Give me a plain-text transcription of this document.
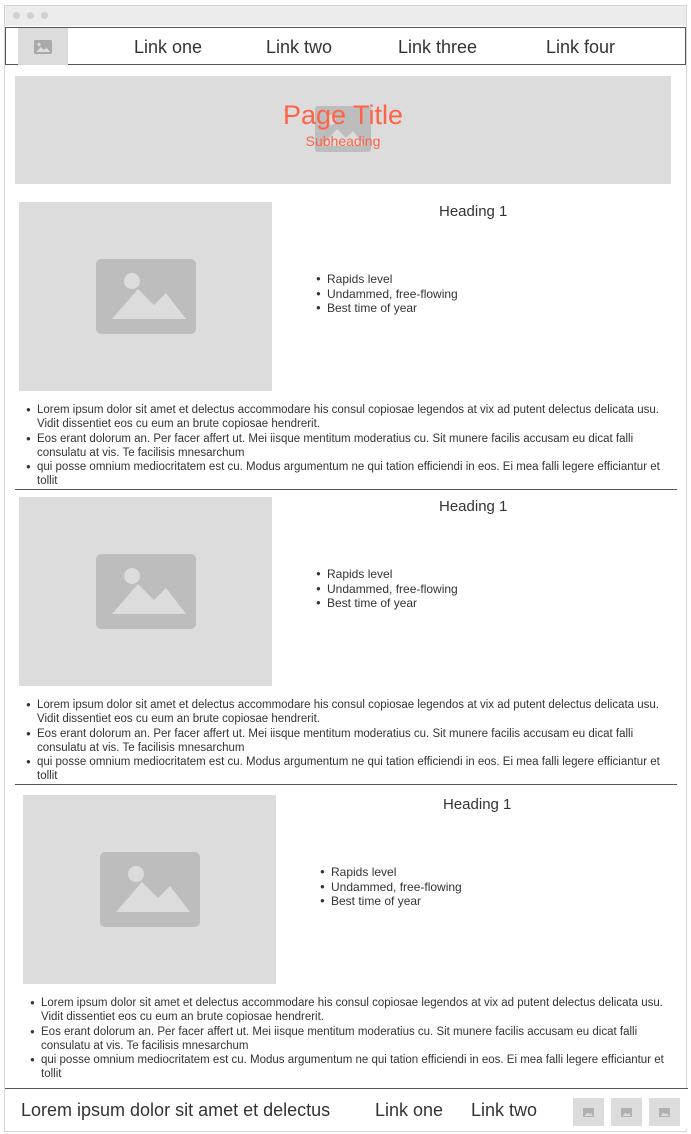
Link one	Link two	Link three	Link four
Page Title
Subheading
Heading 1
● Rapids level
● Undammed, free-flowing
● Best time of year
● Lorem ipsum dolor sit amet et delectus accommodare his consul copiosae legendos at vix ad putent delectus delicata usu. Vidit dissentiet eos cu eum an brute copiosae hendrerit.
● Eos erant dolorum an. Per facer affert ut. Mei iisque mentitum moderatius cu. Sit munere facilis accusam eu dicat falli consulatu at vis. Te facilisis mnesarchum
● qui posse omnium mediocritatem est cu. Modus argumentum ne qui tation efficiendi in eos. Ei mea falli legere efficiantur et tollit
Heading 1
● Rapids level
● Undammed, free-flowing
● Best time of year
● Lorem ipsum dolor sit amet et delectus accommodare his consul copiosae legendos at vix ad putent delectus delicata usu. Vidit dissentiet eos cu eum an brute copiosae hendrerit.
● Eos erant dolorum an. Per facer affert ut. Mei iisque mentitum moderatius cu. Sit munere facilis accusam eu dicat falli consulatu at vis. Te facilisis mnesarchum
● qui posse omnium mediocritatem est cu. Modus argumentum ne qui tation efficiendi in eos. Ei mea falli legere efficiantur et tollit
Heading 1
● Rapids level
● Undammed, free-flowing
● Best time of year
● Lorem ipsum dolor sit amet et delectus accommodare his consul copiosae legendos at vix ad putent delectus delicata usu. Vidit dissentiet eos cu eum an brute copiosae hendrerit.
● Eos erant dolorum an. Per facer affert ut. Mei iisque mentitum moderatius cu. Sit munere facilis accusam eu dicat falli consulatu at vis. Te facilisis mnesarchum
● qui posse omnium mediocritatem est cu. Modus argumentum ne qui tation efficiendi in eos. Ei mea falli legere efficiantur et tollit
Lorem ipsum dolor sit amet et delectus Link one Link two
